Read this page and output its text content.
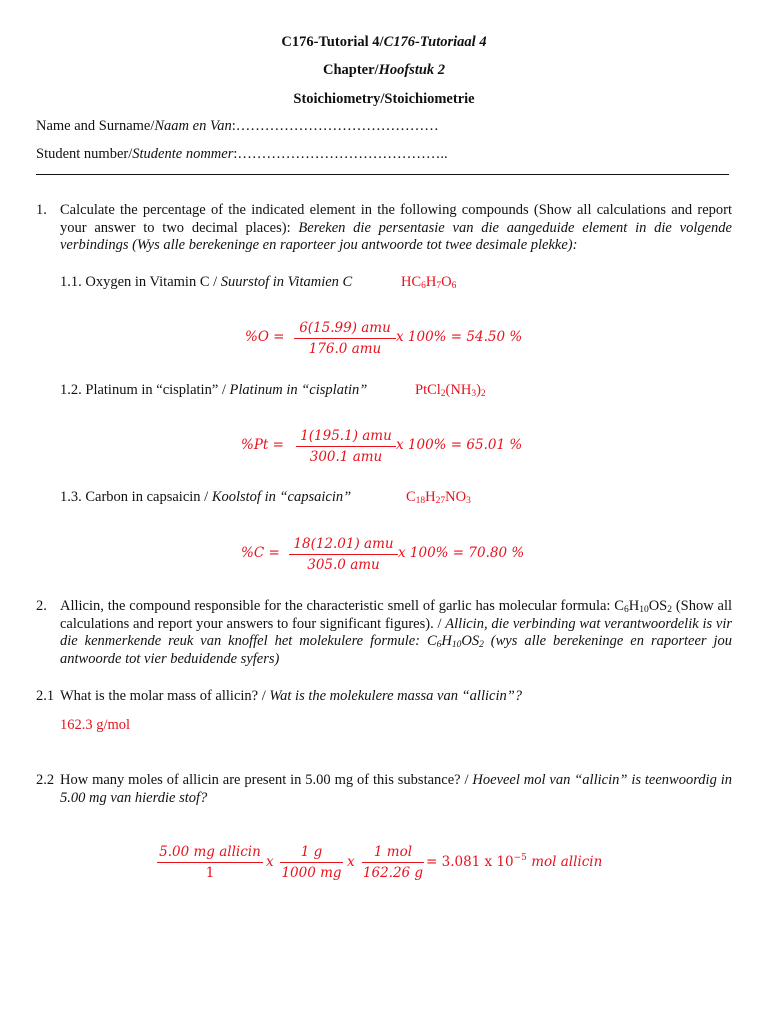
C176-Tutorial 4/C176-Tutoriaal 4
Chapter/Hoofstuk 2
Stoichiometry/Stoichiometrie
Name and Surname/Naam en Van:……………………………………
Student number/Studente nommer:……………………………………..
1. Calculate the percentage of the indicated element in the following compounds (Show all calculations and report your answer to two decimal places): Bereken die persentasie van die aangeduide element in die volgende verbindings (Wys alle berekeninge en raporteer jou antwoorde tot twee desimale plekke):
1.1. Oxygen in Vitamin C / Suurstof in Vitamien C	$HC_6H_7O_6$
%O =
6(15.99) amu
176.0 amu
x 100% = 54.50 %
1.2. Platinum in “cisplatin” / Platinum in “cisplatin”	$PtCl_2(NH_3)_2$
%Pt =
1(195.1) amu
300.1 amu
x 100% = 65.01 %
1.3. Carbon in capsaicin / Koolstof in “capsaicin”	$C_{18}H_{27}NO_3$
%C =
18(12.01) amu
305.0 amu
x 100% = 70.80 %
2. Allicin, the compound responsible for the characteristic smell of garlic has molecular formula: $C_6H_{10}OS_2$ (Show all calculations and report your answers to four significant figures). / Allicin, die verbinding wat verantwoordelik is vir die kenmerkende reuk van knoffel het molekulere formule: $C_6H_{10}OS_2$ (wys alle berekeninge en raporteer jou antwoorde tot vier beduidende syfers)
2.1 What is the molar mass of allicin? / Wat is the molekulere massa van “allicin”?
162.3 g/mol
2.2 How many moles of allicin are present in 5.00 mg of this substance? / Hoeveel mol van “allicin” is teenwoordig in 5.00 mg van hierdie stof?
5.00 mg allicin
1
x
1 g
1000 mg
x
1 mol
162.26 g
= 3.081 x $10^{-5}$ mol allicin
